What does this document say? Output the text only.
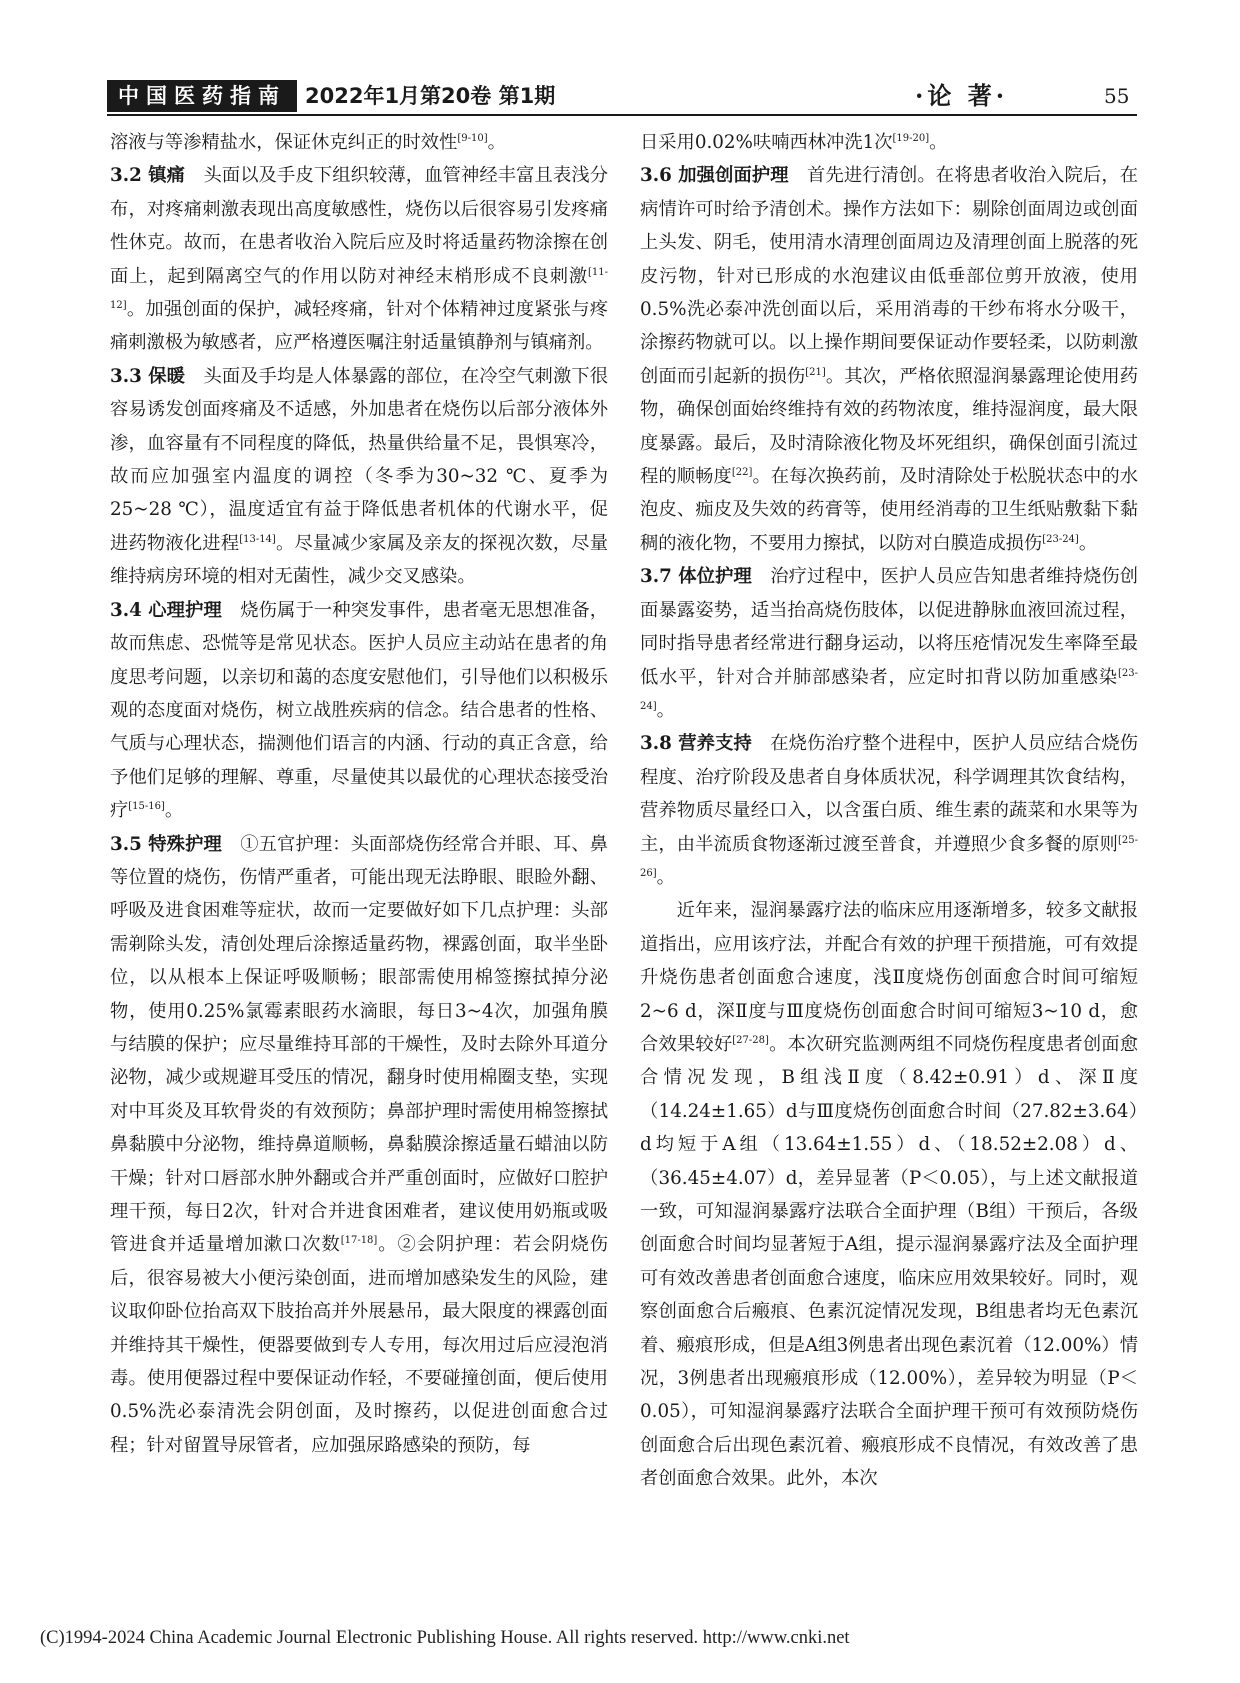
中国医药指南 2022年1月第20卷 第1期	·论 著·	55

溶液与等渗精盐水，保证休克纠正的时效性[9-10]。

3.2 镇痛　 头面以及手皮下组织较薄，血管神经丰富且表浅分布，对疼痛刺激表现出高度敏感性，烧伤以后很容易引发疼痛性休克。故而，在患者收治入院后应及时将适量药物涂擦在创面上，起到隔离空气的作用以防对神经末梢形成不良刺激[11-12]。加强创面的保护，减轻疼痛，针对个体精神过度紧张与疼痛刺激极为敏感者，应严格遵医嘱注射适量镇静剂与镇痛剂。

3.3 保暖　 头面及手均是人体暴露的部位，在冷空气刺激下很容易诱发创面疼痛及不适感，外加患者在烧伤以后部分液体外渗，血容量有不同程度的降低，热量供给量不足，畏惧寒冷，故而应加强室内温度的调控（冬季为30~32 ℃、夏季为25~28 ℃），温度适宜有益于降低患者机体的代谢水平，促进药物液化进程[13-14]。尽量减少家属及亲友的探视次数，尽量维持病房环境的相对无菌性，减少交叉感染。

3.4 心理护理　 烧伤属于一种突发事件，患者毫无思想准备，故而焦虑、恐慌等是常见状态。医护人员应主动站在患者的角度思考问题，以亲切和蔼的态度安慰他们，引导他们以积极乐观的态度面对烧伤，树立战胜疾病的信念。结合患者的性格、气质与心理状态，揣测他们语言的内涵、行动的真正含意，给予他们足够的理解、尊重，尽量使其以最优的心理状态接受治疗[15-16]。

3.5 特殊护理　 ①五官护理：头面部烧伤经常合并眼、耳、鼻等位置的烧伤，伤情严重者，可能出现无法睁眼、眼睑外翻、呼吸及进食困难等症状，故而一定要做好如下几点护理：头部需剃除头发，清创处理后涂擦适量药物，裸露创面，取半坐卧位，以从根本上保证呼吸顺畅；眼部需使用棉签擦拭掉分泌物，使用0.25%氯霉素眼药水滴眼，每日3~4次，加强角膜与结膜的保护；应尽量维持耳部的干燥性，及时去除外耳道分泌物，减少或规避耳受压的情况，翻身时使用棉圈支垫，实现对中耳炎及耳软骨炎的有效预防；鼻部护理时需使用棉签擦拭鼻黏膜中分泌物，维持鼻道顺畅，鼻黏膜涂擦适量石蜡油以防干燥；针对口唇部水肿外翻或合并严重创面时，应做好口腔护理干预，每日2次，针对合并进食困难者，建议使用奶瓶或吸管进食并适量增加漱口次数[17-18]。②会阴护理：若会阴烧伤后，很容易被大小便污染创面，进而增加感染发生的风险，建议取仰卧位抬高双下肢抬高并外展悬吊，最大限度的裸露创面并维持其干燥性，便器要做到专人专用，每次用过后应浸泡消毒。使用便器过程中要保证动作轻，不要碰撞创面，便后使用0.5%洗必泰清洗会阴创面，及时擦药，以促进创面愈合过程；针对留置导尿管者，应加强尿路感染的预防，每

日采用0.02%呋喃西林冲洗1次[19-20]。

3.6 加强创面护理　 首先进行清创。在将患者收治入院后，在病情许可时给予清创术。操作方法如下：剔除创面周边或创面上头发、阴毛，使用清水清理创面周边及清理创面上脱落的死皮污物，针对已形成的水泡建议由低垂部位剪开放液，使用0.5%洗必泰冲洗创面以后，采用消毒的干纱布将水分吸干，涂擦药物就可以。以上操作期间要保证动作要轻柔，以防刺激创面而引起新的损伤[21]。其次，严格依照湿润暴露理论使用药物，确保创面始终维持有效的药物浓度，维持湿润度，最大限度暴露。最后，及时清除液化物及坏死组织，确保创面引流过程的顺畅度[22]。在每次换药前，及时清除处于松脱状态中的水泡皮、痂皮及失效的药膏等，使用经消毒的卫生纸贴敷黏下黏稠的液化物，不要用力擦拭，以防对白膜造成损伤[23-24]。

3.7 体位护理　 治疗过程中，医护人员应告知患者维持烧伤创面暴露姿势，适当抬高烧伤肢体，以促进静脉血液回流过程，同时指导患者经常进行翻身运动，以将压疮情况发生率降至最低水平，针对合并肺部感染者，应定时扣背以防加重感染[23-24]。

3.8 营养支持　 在烧伤治疗整个进程中，医护人员应结合烧伤程度、治疗阶段及患者自身体质状况，科学调理其饮食结构，营养物质尽量经口入，以含蛋白质、维生素的蔬菜和水果等为主，由半流质食物逐渐过渡至普食，并遵照少食多餐的原则[25-26]。

近年来，湿润暴露疗法的临床应用逐渐增多，较多文献报道指出，应用该疗法，并配合有效的护理干预措施，可有效提升烧伤患者创面愈合速度，浅Ⅱ度烧伤创面愈合时间可缩短2~6 d，深Ⅱ度与Ⅲ度烧伤创面愈合时间可缩短3~10 d，愈合效果较好[27-28]。本次研究监测两组不同烧伤程度患者创面愈合情况发现，B组浅Ⅱ度（8.42±0.91）d、深Ⅱ度（14.24±1.65）d与Ⅲ度烧伤创面愈合时间（27.82±3.64）d均短于A组（13.64±1.55）d、（18.52±2.08）d、（36.45±4.07）d，差异显著（P＜0.05），与上述文献报道一致，可知湿润暴露疗法联合全面护理（B组）干预后，各级创面愈合时间均显著短于A组，提示湿润暴露疗法及全面护理可有效改善患者创面愈合速度，临床应用效果较好。同时，观察创面愈合后瘢痕、色素沉淀情况发现，B组患者均无色素沉着、瘢痕形成，但是A组3例患者出现色素沉着（12.00%）情况，3例患者出现瘢痕形成（12.00%），差异较为明显（P＜0.05），可知湿润暴露疗法联合全面护理干预可有效预防烧伤创面愈合后出现色素沉着、瘢痕形成不良情况，有效改善了患者创面愈合效果。此外，本次

(C)1994-2024 China Academic Journal Electronic Publishing House. All rights reserved. http://www.cnki.net
